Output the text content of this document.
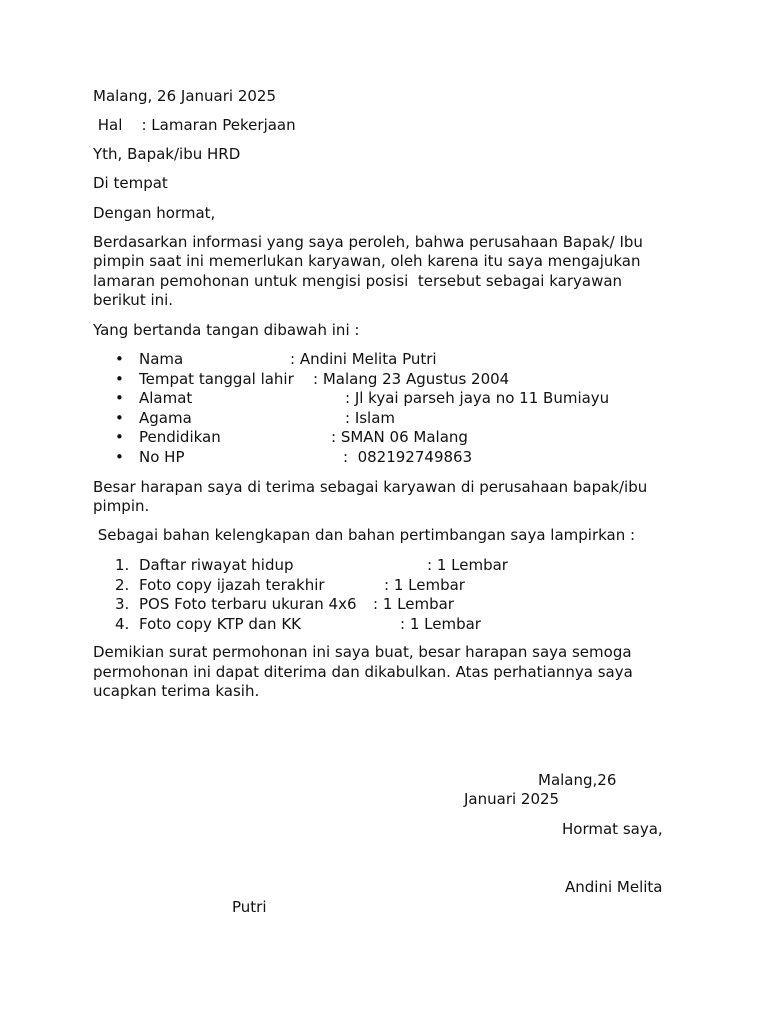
Malang, 26 Januari 2025
Hal    : Lamaran Pekerjaan
Yth, Bapak/ibu HRD
Di tempat
Dengan hormat,
Berdasarkan informasi yang saya peroleh, bahwa perusahaan Bapak/ Ibu
pimpin saat ini memerlukan karyawan, oleh karena itu saya mengajukan
lamaran pemohonan untuk mengisi posisi  tersebut sebagai karyawan
berikut ini.
Yang bertanda tangan dibawah ini :

•

Nama

	: Andini Melita Putri

•

Tempat tanggal lahir

: Malang 23 Agustus 2004

•

Alamat

	: Jl kyai parseh jaya no 11 Bumiayu

•

Agama

	: Islam

•

Pendidikan

	: SMAN 06 Malang

•

No HP

	:  082192749863

Besar harapan saya di terima sebagai karyawan di perusahaan bapak/ibu
pimpin.
Sebagai bahan kelengkapan dan bahan pertimbangan saya lampirkan :

1.

Daftar riwayat hidup

	: 1 Lembar

2.

Foto copy ijazah terakhir

	: 1 Lembar

3.

POS Foto terbaru ukuran 4x6

: 1 Lembar

4.

Foto copy KTP dan KK

	: 1 Lembar

Demikian surat permohonan ini saya buat, besar harapan saya semoga
permohonan ini dapat diterima dan dikabulkan. Atas perhatiannya saya
ucapkan terima kasih.
Malang,26
Januari 2025
Hormat saya,
Andini Melita
Putri
